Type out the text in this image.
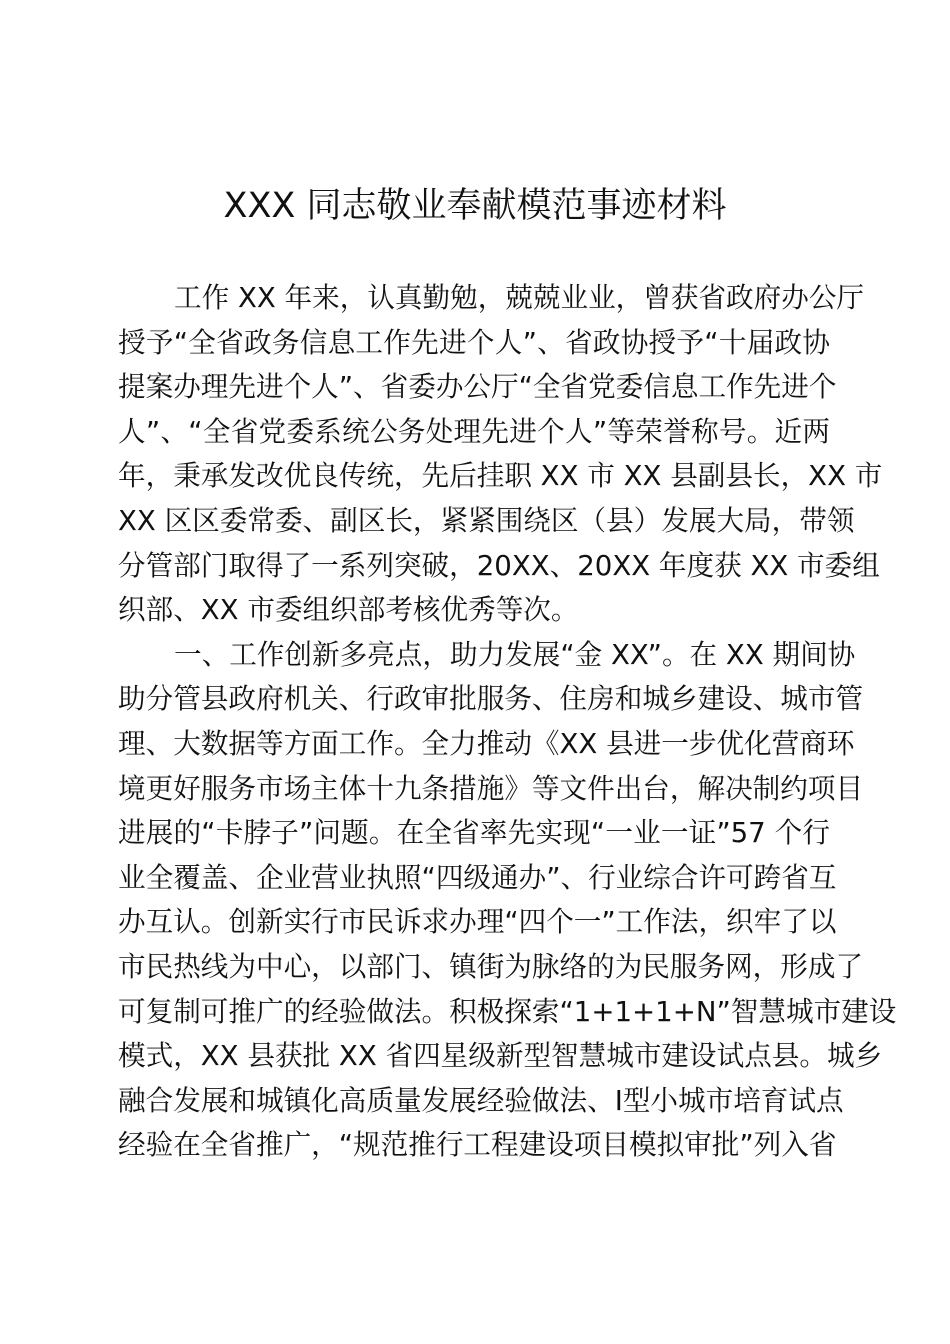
XXX 同志敬业奉献模范事迹材料

工作 XX 年来，认真勤勉，兢兢业业，曾获省政府办公厅
授予“全省政务信息工作先进个人”、省政协授予“十届政协
提案办理先进个人”、省委办公厅“全省党委信息工作先进个
人”、“全省党委系统公务处理先进个人”等荣誉称号。近两
年，秉承发改优良传统，先后挂职 XX 市 XX 县副县长，XX 市
XX 区区委常委、副区长，紧紧围绕区（县）发展大局，带领
分管部门取得了一系列突破，20XX、20XX 年度获 XX 市委组
织部、XX 市委组织部考核优秀等次。

一、工作创新多亮点，助力发展“金 XX”。在 XX 期间协
助分管县政府机关、行政审批服务、住房和城乡建设、城市管
理、大数据等方面工作。全力推动《XX 县进一步优化营商环
境更好服务市场主体十九条措施》等文件出台，解决制约项目
进展的“卡脖子”问题。在全省率先实现“一业一证”57 个行
业全覆盖、企业营业执照“四级通办”、行业综合许可跨省互
办互认。创新实行市民诉求办理“四个一”工作法，织牢了以
市民热线为中心，以部门、镇街为脉络的为民服务网，形成了
可复制可推广的经验做法。积极探索“1+1+1+N”智慧城市建设
模式，XX 县获批 XX 省四星级新型智慧城市建设试点县。城乡
融合发展和城镇化高质量发展经验做法、Ⅰ型小城市培育试点
经验在全省推广，“规范推行工程建设项目模拟审批”列入省
